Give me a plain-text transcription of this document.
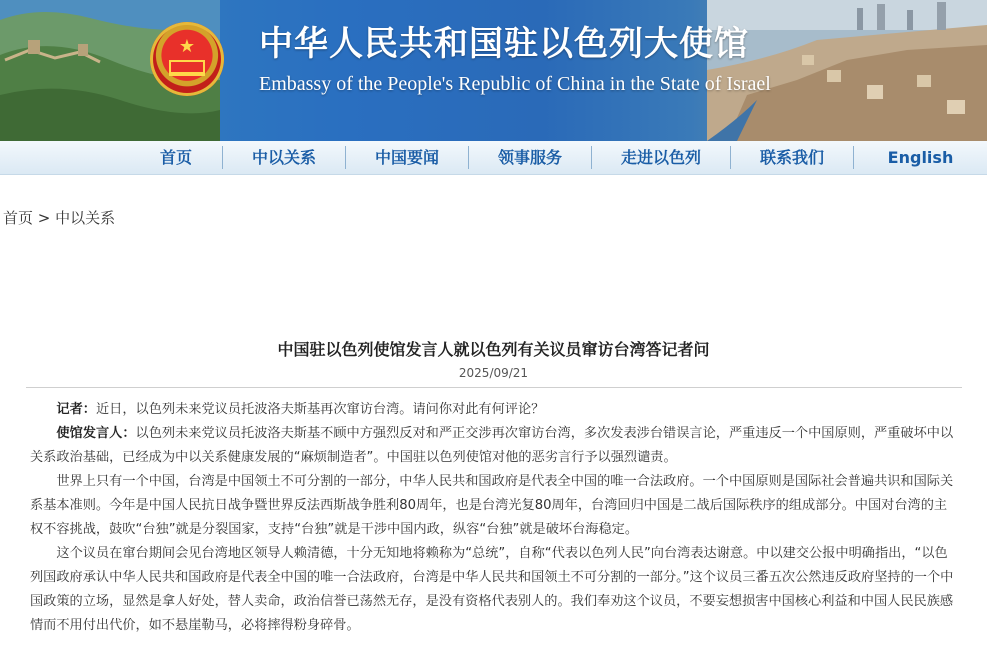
★ 中华人民共和国驻以色列大使馆
Embassy of the People's Republic of China in the State of Israel
首页	中以关系	中国要闻	领事服务	走进以色列	联系我们	English
首页 > 中以关系
中国驻以色列使馆发言人就以色列有关议员窜访台湾答记者问
2025/09/21

记者：近日，以色列未来党议员托波洛夫斯基再次窜访台湾。请问你对此有何评论？

使馆发言人：以色列未来党议员托波洛夫斯基不顾中方强烈反对和严正交涉再次窜访台湾，多次发表涉台错误言论，严重违反一个中国原则，严重破坏中以关系政治基础，已经成为中以关系健康发展的“麻烦制造者”。中国驻以色列使馆对他的恶劣言行予以强烈谴责。

世界上只有一个中国，台湾是中国领土不可分割的一部分，中华人民共和国政府是代表全中国的唯一合法政府。一个中国原则是国际社会普遍共识和国际关系基本准则。今年是中国人民抗日战争暨世界反法西斯战争胜利80周年，也是台湾光复80周年，台湾回归中国是二战后国际秩序的组成部分。中国对台湾的主权不容挑战，鼓吹“台独”就是分裂国家，支持“台独”就是干涉中国内政，纵容“台独”就是破坏台海稳定。

这个议员在窜台期间会见台湾地区领导人赖清德，十分无知地将赖称为“总统”，自称“代表以色列人民”向台湾表达谢意。中以建交公报中明确指出，“以色列国政府承认中华人民共和国政府是代表全中国的唯一合法政府，台湾是中华人民共和国领土不可分割的一部分。”这个议员三番五次公然违反政府坚持的一个中国政策的立场，显然是拿人好处，替人卖命，政治信誉已荡然无存，是没有资格代表别人的。我们奉劝这个议员，不要妄想损害中国核心利益和中国人民民族感情而不用付出代价，如不悬崖勒马，必将摔得粉身碎骨。
